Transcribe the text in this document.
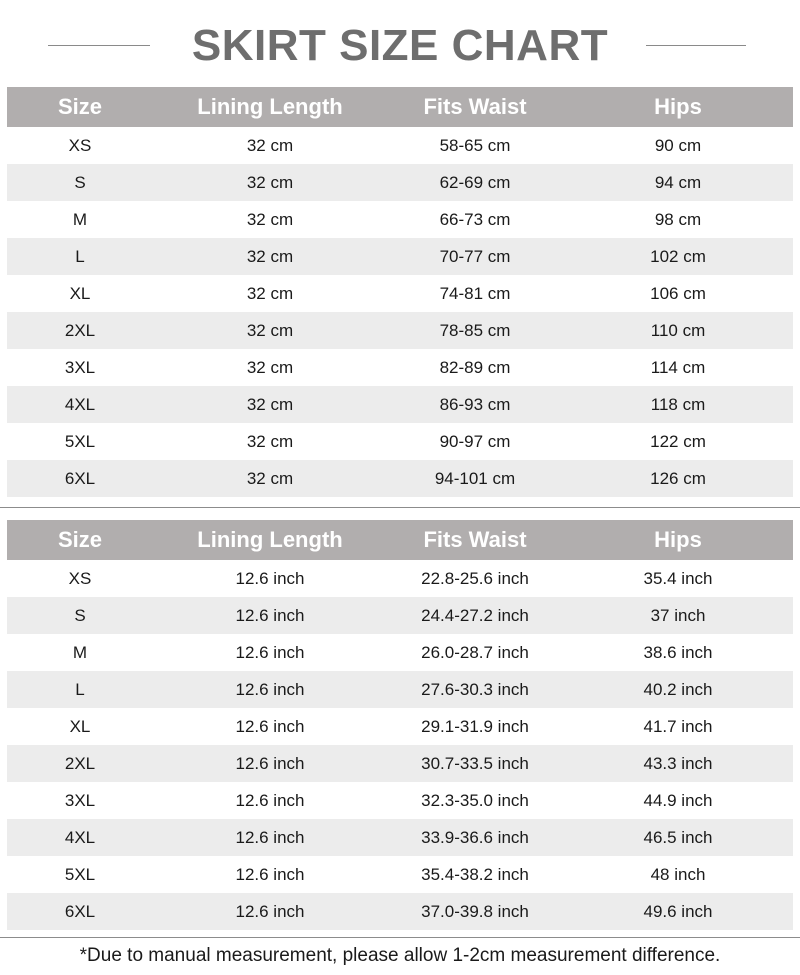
SKIRT SIZE CHART
Size	Lining Length	Fits Waist	Hips
XS	32 cm	58-65 cm	90 cm
S	32 cm	62-69 cm	94 cm
M	32 cm	66-73 cm	98 cm
L	32 cm	70-77 cm	102 cm
XL	32 cm	74-81 cm	106 cm
2XL	32 cm	78-85 cm	110 cm
3XL	32 cm	82-89 cm	114 cm
4XL	32 cm	86-93 cm	118 cm
5XL	32 cm	90-97 cm	122 cm
6XL	32 cm	94-101 cm	126 cm
Size	Lining Length	Fits Waist	Hips
XS	12.6 inch	22.8-25.6 inch	35.4 inch
S	12.6 inch	24.4-27.2 inch	37 inch
M	12.6 inch	26.0-28.7 inch	38.6 inch
L	12.6 inch	27.6-30.3 inch	40.2 inch
XL	12.6 inch	29.1-31.9 inch	41.7 inch
2XL	12.6 inch	30.7-33.5 inch	43.3 inch
3XL	12.6 inch	32.3-35.0 inch	44.9 inch
4XL	12.6 inch	33.9-36.6 inch	46.5 inch
5XL	12.6 inch	35.4-38.2 inch	48 inch
6XL	12.6 inch	37.0-39.8 inch	49.6 inch
*Due to manual measurement, please allow 1-2cm measurement difference.
